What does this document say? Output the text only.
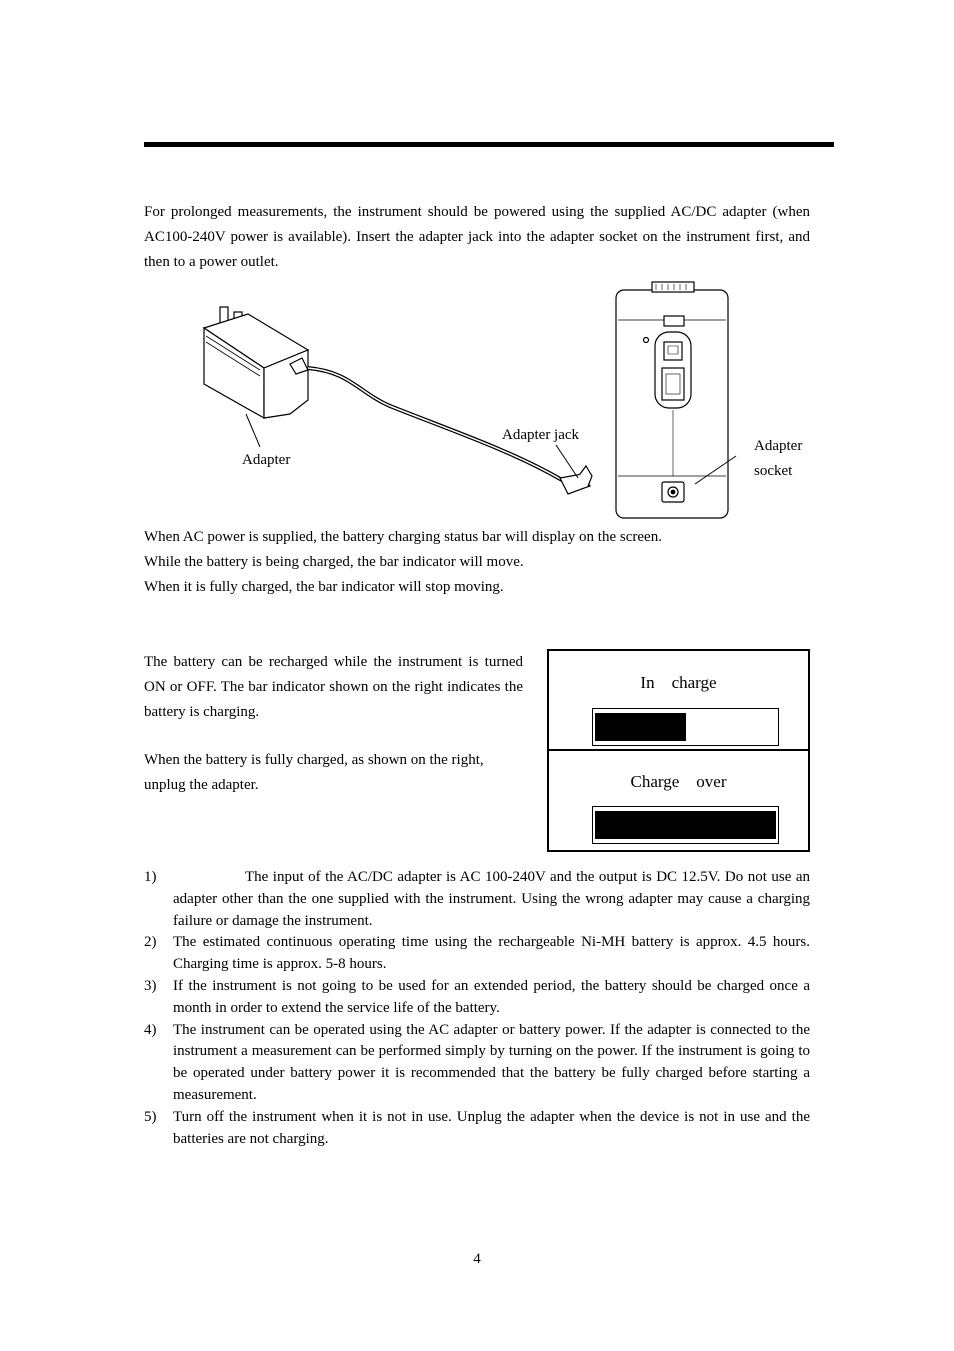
For prolonged measurements, the instrument should be powered using the supplied AC/DC adapter (when AC100-240V power is available). Insert the adapter jack into the adapter socket on the instrument first, and then to a power outlet.
Adapter
Adapter jack
Adapter
socket
When AC power is supplied, the battery charging status bar will display on the screen.
While the battery is being charged, the bar indicator will move.
When it is fully charged, the bar indicator will stop moving.
The battery can be recharged while the instrument is turned ON or OFF. The bar indicator shown on the right indicates the battery is charging.
When the battery is fully charged, as shown on the right, unplug the adapter.
In    charge
Charge    over
1)	The input of the AC/DC adapter is AC 100-240V and the output is DC 12.5V. Do not use an adapter other than the one supplied with the instrument. Using the wrong adapter may cause a charging failure or damage the instrument.
2) The estimated continuous operating time using the rechargeable Ni-MH battery is approx. 4.5 hours. Charging time is approx. 5-8 hours.
3) If the instrument is not going to be used for an extended period, the battery should be charged once a month in order to extend the service life of the battery.
4) The instrument can be operated using the AC adapter or battery power. If the adapter is connected to the instrument a measurement can be performed simply by turning on the power. If the instrument is going to be operated under battery power it is recommended that the battery be fully charged before starting a measurement.
5) Turn off the instrument when it is not in use. Unplug the adapter when the device is not in use and the batteries are not charging.
4
